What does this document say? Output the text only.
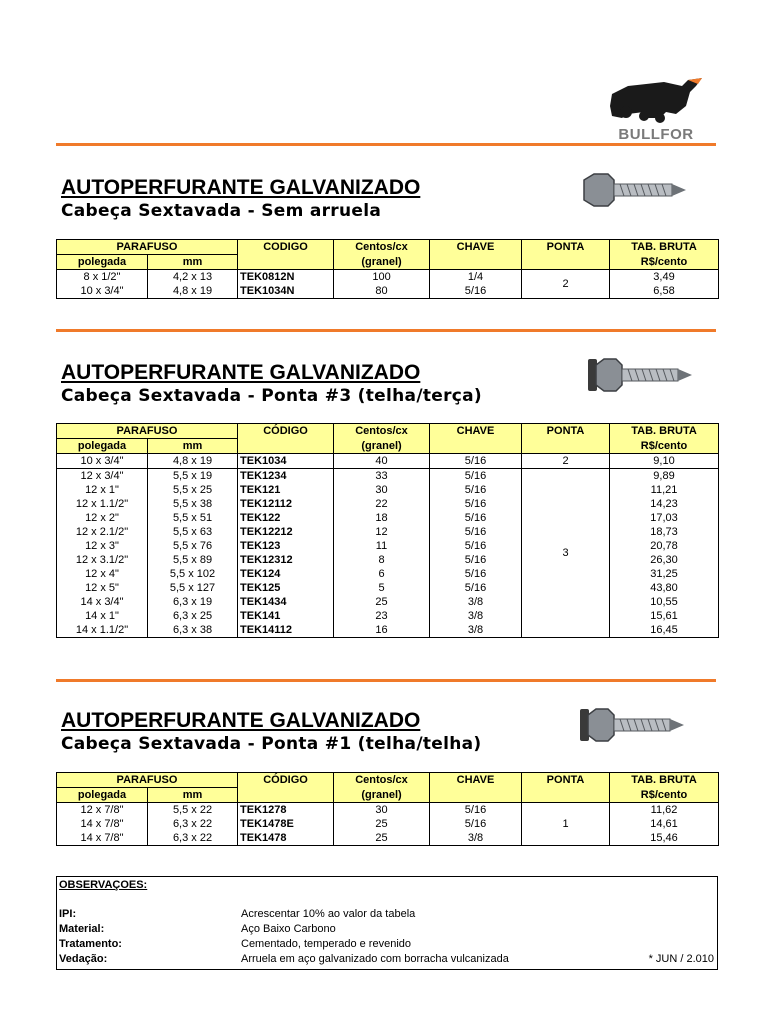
BULLFOR
AUTOPERFURANTE GALVANIZADO
Cabeça Sextavada - Sem arruela
PARAFUSO		CODIGO	Centos/cx	CHAVE	PONTA	TAB. BRUTA
polegada	mm		(granel)			R$/cento
8 x 1/2"	4,2 x 13	TEK0812N	100	1/4	2	3,49
10 x 3/4"	4,8 x 19	TEK1034N	80	5/16		6,58
AUTOPERFURANTE GALVANIZADO
Cabeça Sextavada - Ponta #3 (telha/terça)
PARAFUSO		CÓDIGO	Centos/cx	CHAVE	PONTA	TAB. BRUTA
polegada	mm		(granel)			R$/cento
10 x 3/4"	4,8 x 19	TEK1034	40	5/16	2	9,10
12 x 3/4"	5,5 x 19	TEK1234	33	5/16	3	9,89
12 x 1"	5,5 x 25	TEK121	30	5/16		11,21
12 x 1.1/2"	5,5 x 38	TEK12112	22	5/16		14,23
12 x 2"	5,5 x 51	TEK122	18	5/16		17,03
12 x 2.1/2"	5,5 x 63	TEK12212	12	5/16		18,73
12 x 3"	5,5 x 76	TEK123	11	5/16		20,78
12 x 3.1/2"	5,5 x 89	TEK12312	8	5/16		26,30
12 x 4"	5,5 x 102	TEK124	6	5/16		31,25
12 x 5"	5,5 x 127	TEK125	5	5/16		43,80
14 x 3/4"	6,3 x 19	TEK1434	25	3/8		10,55
14 x 1"	6,3 x 25	TEK141	23	3/8		15,61
14 x 1.1/2"	6,3 x 38	TEK14112	16	3/8		16,45
AUTOPERFURANTE GALVANIZADO
Cabeça Sextavada - Ponta #1 (telha/telha)
PARAFUSO		CÓDIGO	Centos/cx	CHAVE	PONTA	TAB. BRUTA
polegada	mm		(granel)			R$/cento
12 x 7/8"	5,5 x 22	TEK1278	30	5/16	1	11,62
14 x 7/8"	6,3 x 22	TEK1478E	25	5/16		14,61
14 x 7/8"	6,3 x 22	TEK1478	25	3/8		15,46
OBSERVAÇOES:
IPI:	Acrescentar 10% ao valor da tabela
Material:	Aço Baixo Carbono
Tratamento:	Cementado, temperado e revenido
Vedação:	Arruela em aço galvanizado com borracha vulcanizada	* JUN / 2.010
